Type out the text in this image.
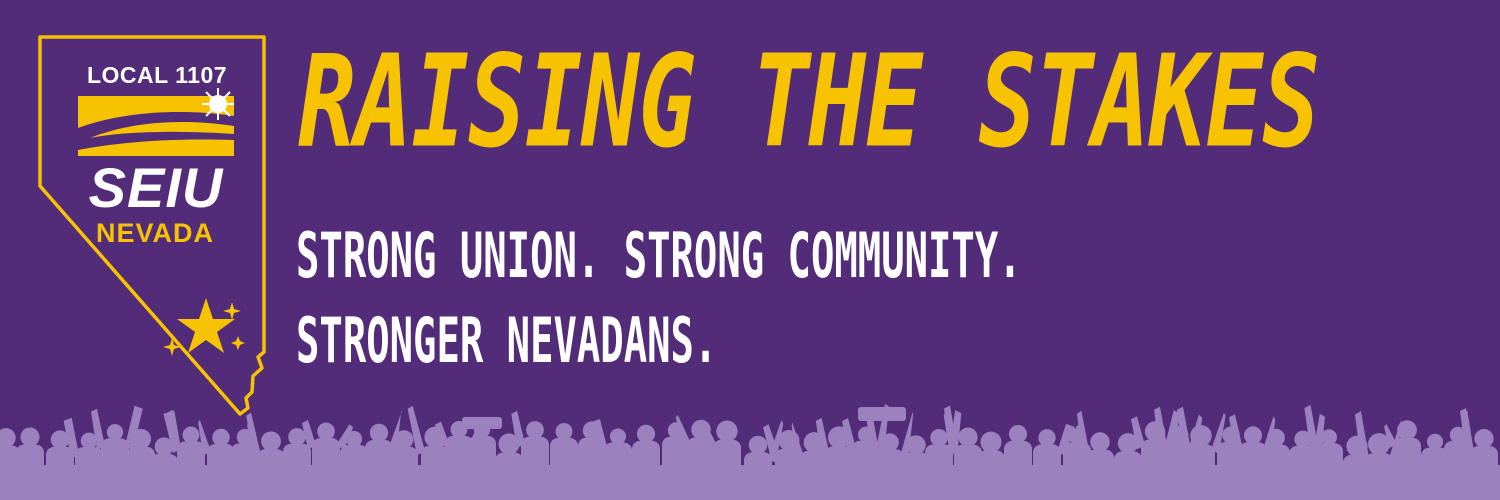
LOCAL 1107
SEIU
NEVADA
RAISING THE STAKES
STRONG UNION. STRONG COMMUNITY.
STRONGER NEVADANS.
